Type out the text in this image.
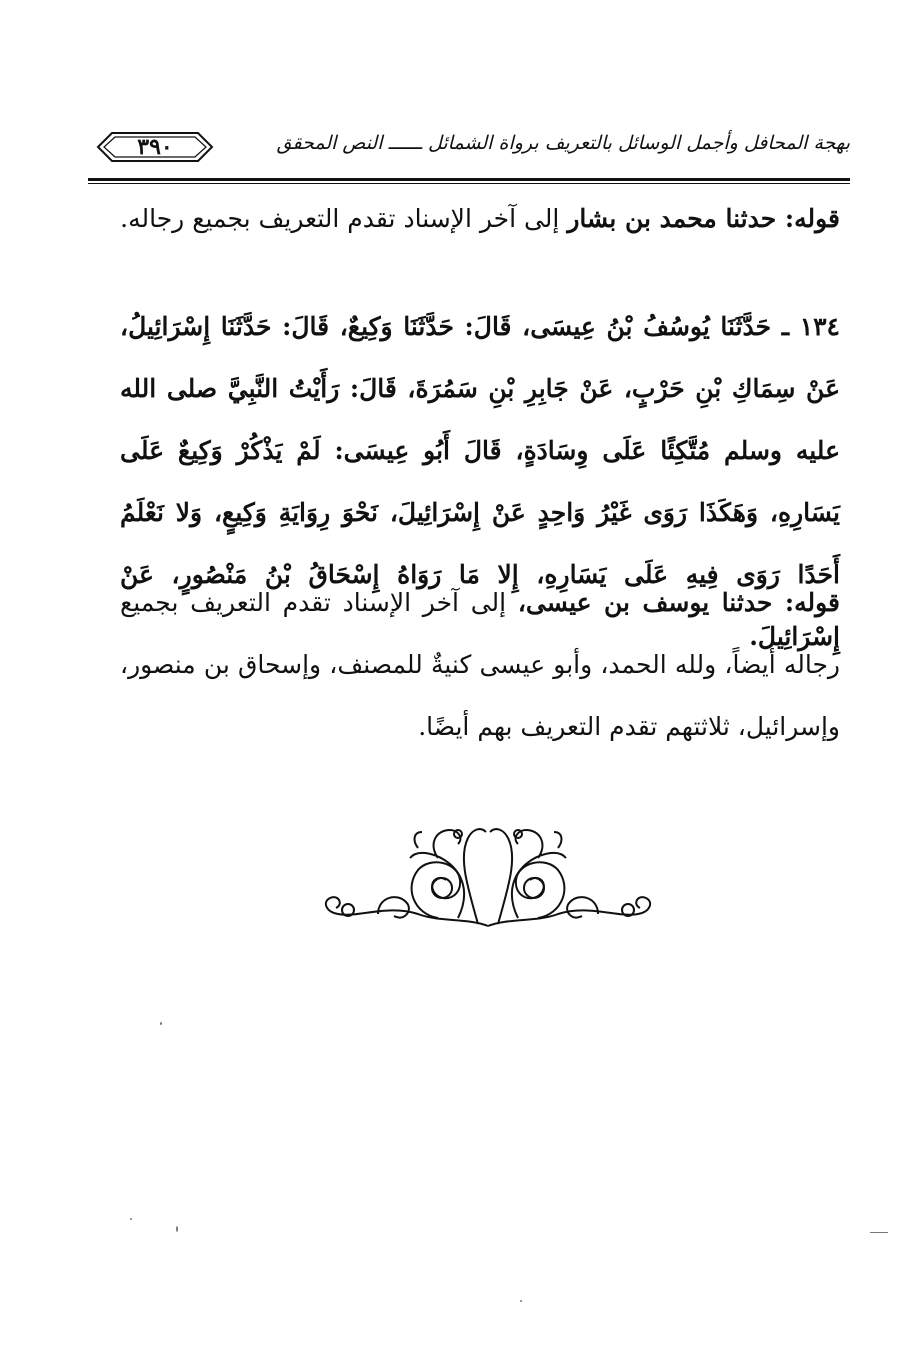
بهجة المحافل وأجمل الوسائل بالتعريف برواة الشمائل ــــــ النص المحقق
٣٩٠
قوله: حدثنا محمد بن بشار إلى آخر الإسناد تقدم التعريف بجميع رجاله.
١٣٤ ـ حَدَّثَنَا يُوسُفُ بْنُ عِيسَى، قَالَ: حَدَّثَنَا وَكِيعٌ، قَالَ: حَدَّثَنَا إِسْرَائِيلُ، عَنْ سِمَاكِ بْنِ حَرْبٍ، عَنْ جَابِرِ بْنِ سَمُرَةَ، قَالَ: رَأَيْتُ النَّبِيَّ صلى الله عليه وسلم مُتَّكِئًا عَلَى وِسَادَةٍ، قَالَ أَبُو عِيسَى: لَمْ يَذْكُرْ وَكِيعٌ عَلَى يَسَارِهِ، وَهَكَذَا رَوَى غَيْرُ وَاحِدٍ عَنْ إِسْرَائِيلَ، نَحْوَ رِوَايَةِ وَكِيعٍ، وَلا نَعْلَمُ أَحَدًا رَوَى فِيهِ عَلَى يَسَارِهِ، إِلا مَا رَوَاهُ إِسْحَاقُ بْنُ مَنْصُورٍ، عَنْ إِسْرَائِيلَ.
قوله: حدثنا يوسف بن عيسى، إلى آخر الإسناد تقدم التعريف بجميع رجاله أيضاً، ولله الحمد، وأبو عيسى كنيةٌ للمصنف، وإسحاق بن منصور، وإسرائيل، ثلاثتهم تقدم التعريف بهم أيضًا.
